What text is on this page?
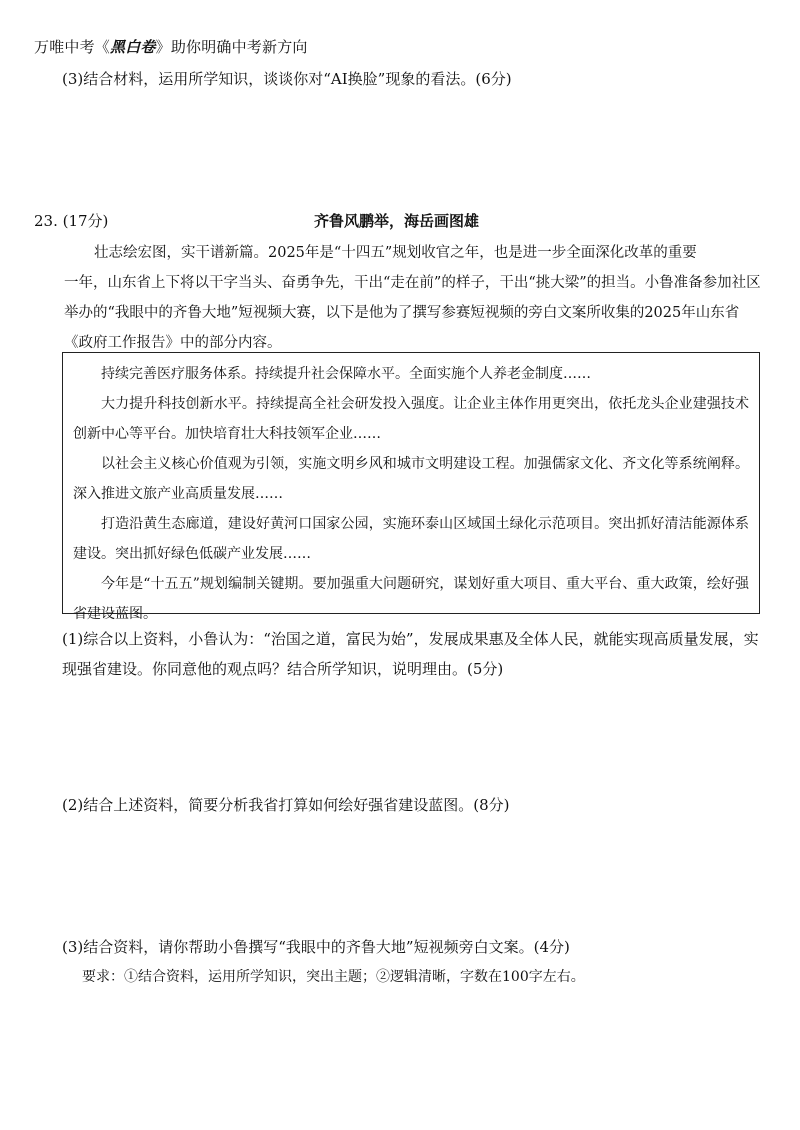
万唯中考《黑白卷》助你明确中考新方向
(3)结合材料，运用所学知识，谈谈你对“AI换脸”现象的看法。(6分)
23. (17分)	齐鲁风鹏举，海岳画图雄
壮志绘宏图，实干谱新篇。2025年是“十四五”规划收官之年，也是进一步全面深化改革的重要
一年，山东省上下将以干字当头、奋勇争先，干出“走在前”的样子，干出“挑大梁”的担当。小鲁准备参加社区举办的“我眼中的齐鲁大地”短视频大赛，以下是他为了撰写参赛短视频的旁白文案所收集的2025年山东省《政府工作报告》中的部分内容。

持续完善医疗服务体系。持续提升社会保障水平。全面实施个人养老金制度……

大力提升科技创新水平。持续提高全社会研发投入强度。让企业主体作用更突出，依托龙头企业建强技术创新中心等平台。加快培育壮大科技领军企业……

以社会主义核心价值观为引领，实施文明乡风和城市文明建设工程。加强儒家文化、齐文化等系统阐释。深入推进文旅产业高质量发展……

打造沿黄生态廊道，建设好黄河口国家公园，实施环泰山区域国土绿化示范项目。突出抓好清洁能源体系建设。突出抓好绿色低碳产业发展……

今年是“十五五”规划编制关键期。要加强重大问题研究，谋划好重大项目、重大平台、重大政策，绘好强省建设蓝图。

(1)综合以上资料，小鲁认为：“治国之道，富民为始”，发展成果惠及全体人民，就能实现高质量发展，实现强省建设。你同意他的观点吗？结合所学知识，说明理由。(5分)
(2)结合上述资料，简要分析我省打算如何绘好强省建设蓝图。(8分)
(3)结合资料，请你帮助小鲁撰写“我眼中的齐鲁大地”短视频旁白文案。(4分)
要求：①结合资料，运用所学知识，突出主题；②逻辑清晰，字数在100字左右。
